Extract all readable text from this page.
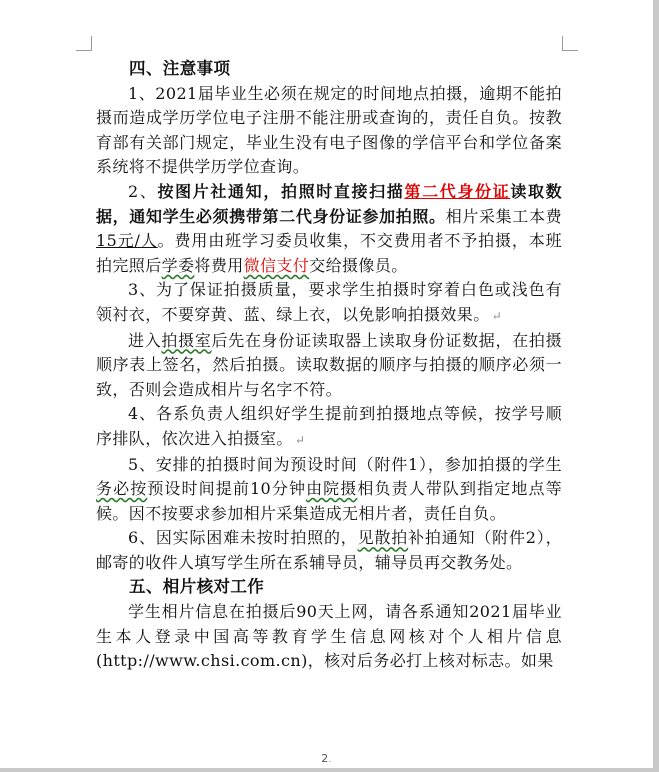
四、注意事项

1、2021届毕业生必须在规定的时间地点拍摄，逾期不能拍摄而造成学历学位电子注册不能注册或查询的，责任自负。按教育部有关部门规定，毕业生没有电子图像的学信平台和学位备案系统将不提供学历学位查询。

2、按图片社通知，拍照时直接扫描第二代身份证读取数据，通知学生必须携带第二代身份证参加拍照。相片采集工本费15元/人。费用由班学习委员收集，不交费用者不予拍摄，本班拍完照后学委将费用微信支付交给摄像员。

3、为了保证拍摄质量，要求学生拍摄时穿着白色或浅色有领衬衣，不要穿黄、蓝、绿上衣，以免影响拍摄效果。 ↵

进入拍摄室后先在身份证读取器上读取身份证数据，在拍摄顺序表上签名，然后拍摄。读取数据的顺序与拍摄的顺序必须一致，否则会造成相片与名字不符。

4、各系负责人组织好学生提前到拍摄地点等候，按学号顺序排队，依次进入拍摄室。 ↵

5、安排的拍摄时间为预设时间（附件1），参加拍摄的学生务必按预设时间提前10分钟由院摄相负责人带队到指定地点等候。因不按要求参加相片采集造成无相片者，责任自负。

6、因实际困难未按时拍照的，见散拍补拍通知（附件2），邮寄的收件人填写学生所在系辅导员，辅导员再交教务处。

五、相片核对工作

学生相片信息在拍摄后90天上网，请各系通知2021届毕业生本人登录中国高等教育学生信息网核对个人相片信息(http://www.chsi.com.cn)，核对后务必打上核对标志。如果

2.
